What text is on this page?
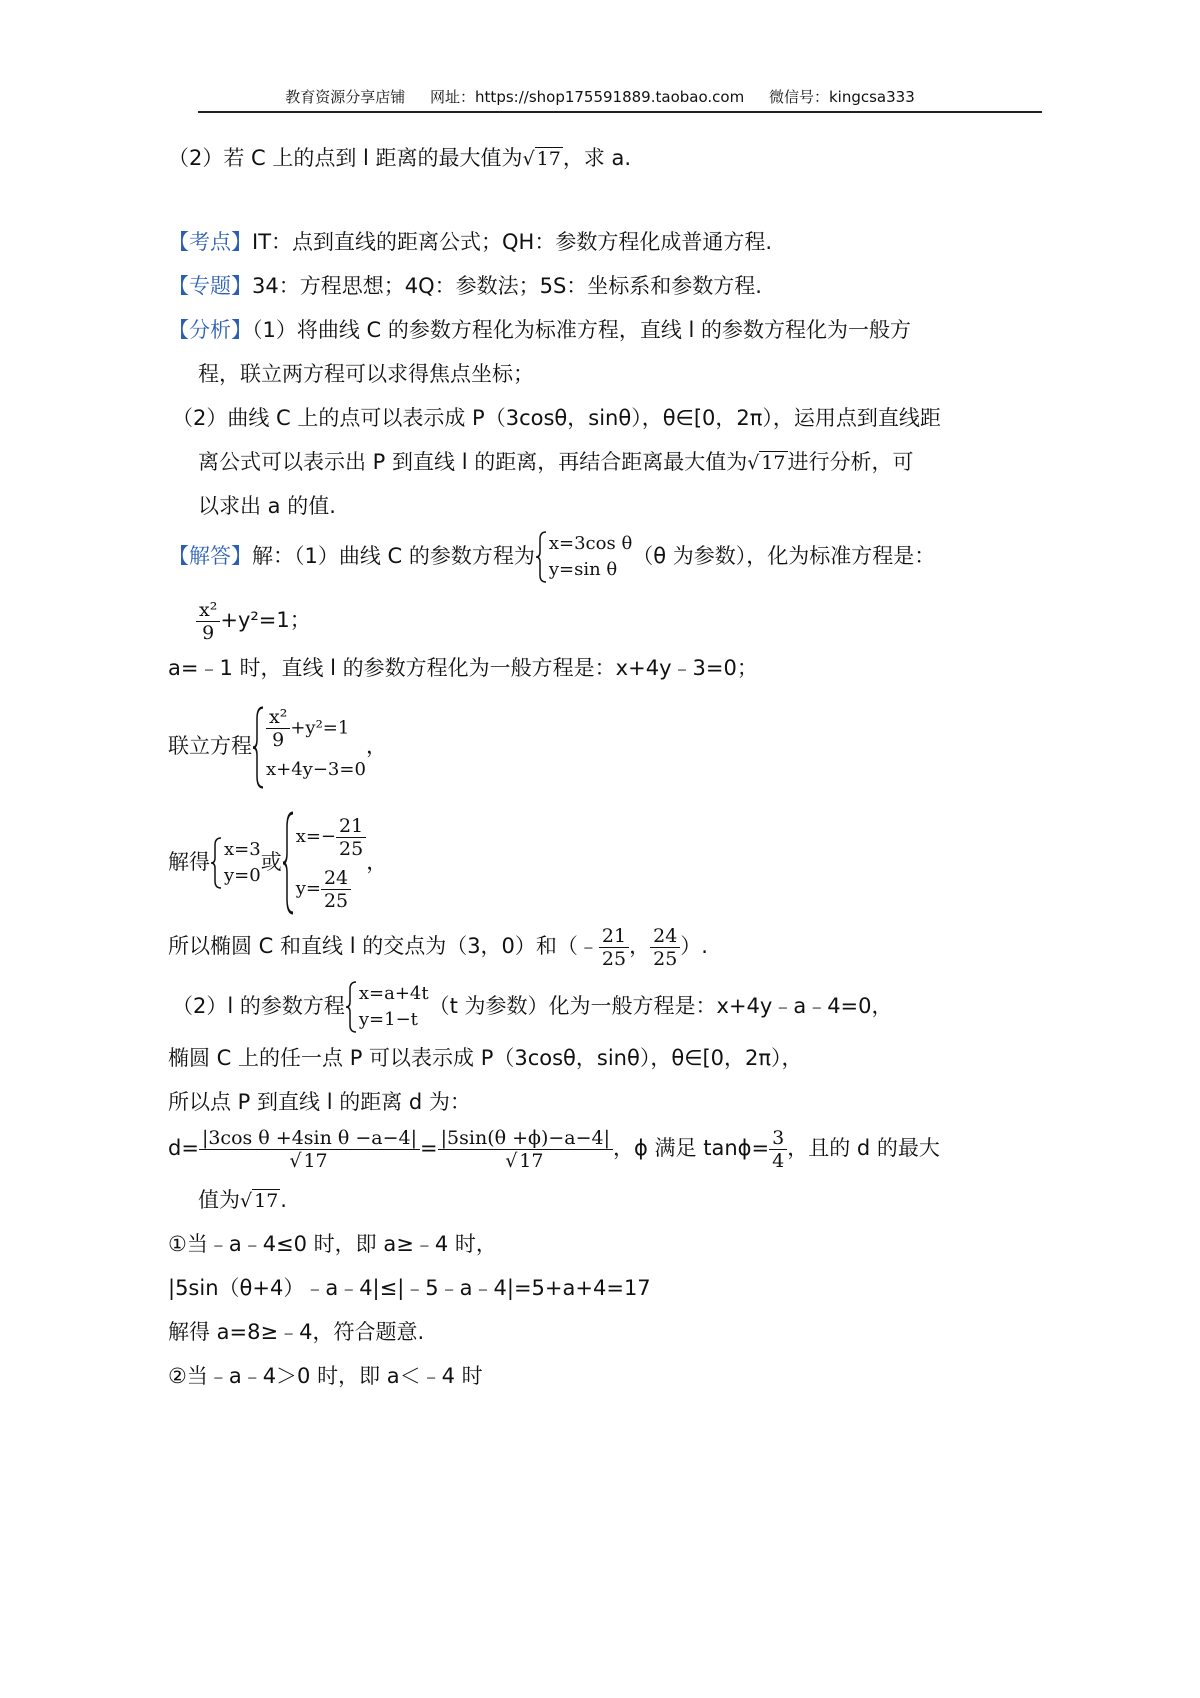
教育资源分享店铺 网址：https://shop175591889.taobao.com 微信号：kingcsa333
（2）若 C 上的点到 l 距离的最大值为√ 17，求 a.
【考点】IT：点到直线的距离公式；QH：参数方程化成普通方程.
【专题】34：方程思想；4Q：参数法；5S：坐标系和参数方程.
【分析】（1）将曲线 C 的参数方程化为标准方程，直线 l 的参数方程化为一般方
程，联立两方程可以求得焦点坐标；
（2）曲线 C 上的点可以表示成 P（3cosθ，sinθ），θ∈[0，2π），运用点到直线距
离公式可以表示出 P 到直线 l 的距离，再结合距离最大值为√ 17进行分析，可
以求出 a 的值.
【解答】解：（1）曲线 C 的参数方程为
x=3cos θ
y=sin θ
（θ 为参数），化为标准方程是：
$\frac{\text{x²}}{9} +y^2=1$；
a=﹣1 时，直线 l 的参数方程化为一般方程是：x+4y﹣3=0；
联立方程 $\frac{\text{x²}}{9} +y^2=1$
x+4y−3=0
，
解得
x=3
y=0
或
$x=- \frac{21}{25}$
$y= \frac{24}{25}$
，
所以椭圆 C 和直线 l 的交点为（3，0）和（﹣ $\frac{21}{25}$ ， $\frac{24}{25}$ ）.
（2）l 的参数方程
x=a+4t
y=1−t
（t 为参数）化为一般方程是：x+4y﹣a﹣4=0，
椭圆 C 上的任一点 P 可以表示成 P（3cosθ，sinθ），θ∈[0，2π），
所以点 P 到直线 l 的距离 d 为：
$d= \frac{\text{|3cos θ +4sin θ −a−4|}}{√ 17} = \frac{|5\sin(\theta +\phi)-a-4|}{√ 17}$ ，ϕ 满足 $\tan\phi= \frac{3}{4}$ ，且的 d 的最大
值为√ 17.
①当﹣a﹣4≤0 时，即 a≥﹣4 时，
|5sin（θ+4）﹣a﹣4|≤|﹣5﹣a﹣4|=5+a+4=17
解得 a=8≥﹣4，符合题意.
②当﹣a﹣4＞0 时，即 a＜﹣4 时
